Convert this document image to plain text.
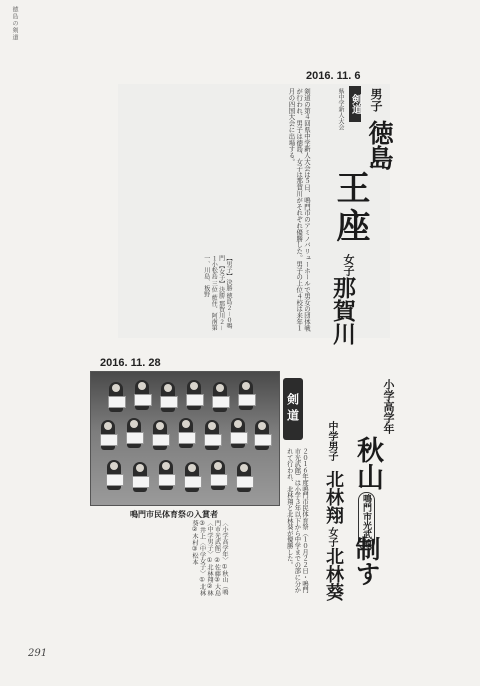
徳島の剣道
2016. 11. 6
剣道
県中学新人大会 男子
徳島
王座
女子
那賀川
剣道の第４回県中学新人大会は５日、鳴門市のアミノバリューホールで男女の団体戦が行われ、男子は徳島、女子は那賀川がそれぞれ優勝した。男子の上位４校は来年１月の四国大会に出場する。
【男子】決勝 徳島２－０鳴門 【女子】決勝 那賀川２－１小松島 三位 藍住、阿南第一、川島、板野
2016. 11. 28
鳴門市民体育祭の入賞者
剣道	小学高学年
秋山
鳴門市光武館
制す
中学男子
北林翔
女子
北林葵
２０１６年度鳴門市民体育祭（１０月２２日・鳴門市光武館）は小学３年以下から中学までの部に分かれて行われ、北林翔と北林葵が優勝した。
〈小学高学年〉①秋山（鳴門市光武館）②佐藤③大島〈中学男子〉①北林翔②林③井上〈中学女子〉①北林葵②木村③松本
291
